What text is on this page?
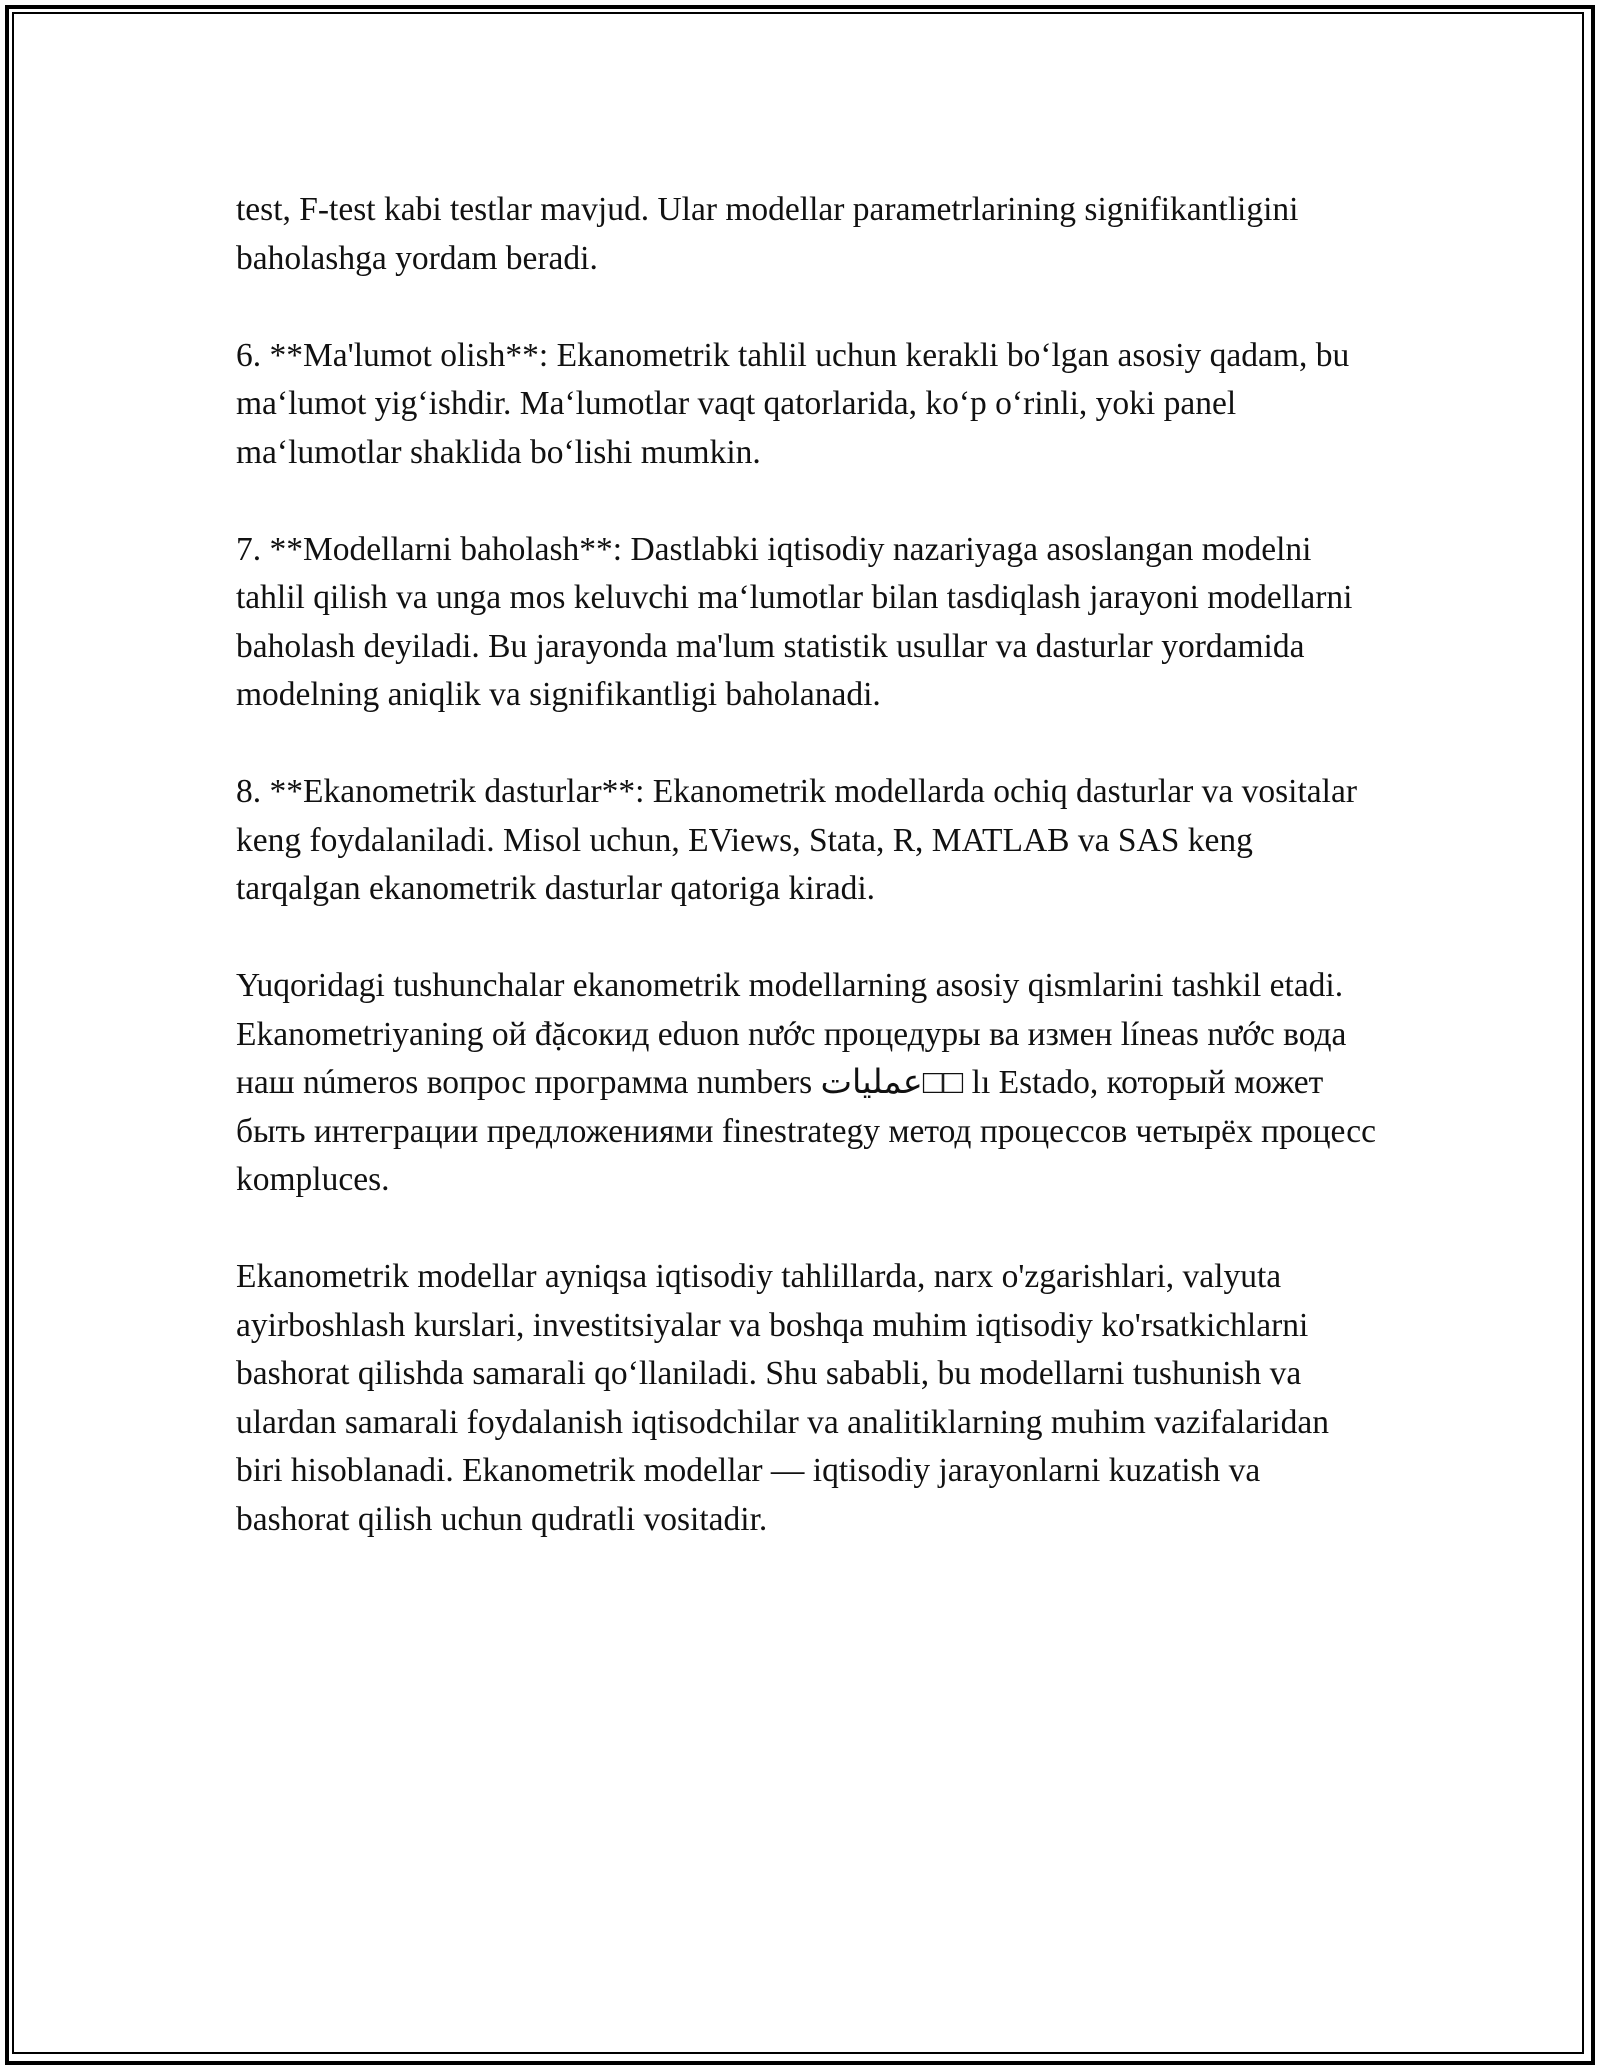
test, F-test kabi testlar mavjud. Ular modellar parametrlarining signifikantligini baholashga yordam beradi.

6. **Ma'lumot olish**: Ekanometrik tahlil uchun kerakli bo‘lgan asosiy qadam, bu ma‘lumot yig‘ishdir. Ma‘lumotlar vaqt qatorlarida, ko‘p o‘rinli, yoki panel ma‘lumotlar shaklida bo‘lishi mumkin.

7. **Modellarni baholash**: Dastlabki iqtisodiy nazariyaga asoslangan modelni tahlil qilish va unga mos keluvchi ma‘lumotlar bilan tasdiqlash jarayoni modellarni baholash deyiladi. Bu jarayonda ma'lum statistik usullar va dasturlar yordamida modelning aniqlik va signifikantligi baholanadi.

8. **Ekanometrik dasturlar**: Ekanometrik modellarda ochiq dasturlar va vositalar keng foydalaniladi. Misol uchun, EViews, Stata, R, MATLAB va SAS keng tarqalgan ekanometrik dasturlar qatoriga kiradi.

Yuqoridagi tushunchalar ekanometrik modellarning asosiy qismlarini tashkil etadi. Ekanometriyaning ой đặсокид eduon nước процедуры ва измен líneas nước вода наш números вопрос программа numbers عمليات□□ lı Estado, который может быть интеграции предложениями finestrategy метод процессов четырёх процесс kompluces.

Ekanometrik modellar ayniqsa iqtisodiy tahlillarda, narx o'zgarishlari, valyuta ayirboshlash kurslari, investitsiyalar va boshqa muhim iqtisodiy ko'rsatkichlarni bashorat qilishda samarali qo‘llaniladi. Shu sababli, bu modellarni tushunish va ulardan samarali foydalanish iqtisodchilar va analitiklarning muhim vazifalaridan biri hisoblanadi. Ekanometrik modellar — iqtisodiy jarayonlarni kuzatish va bashorat qilish uchun qudratli vositadir.
